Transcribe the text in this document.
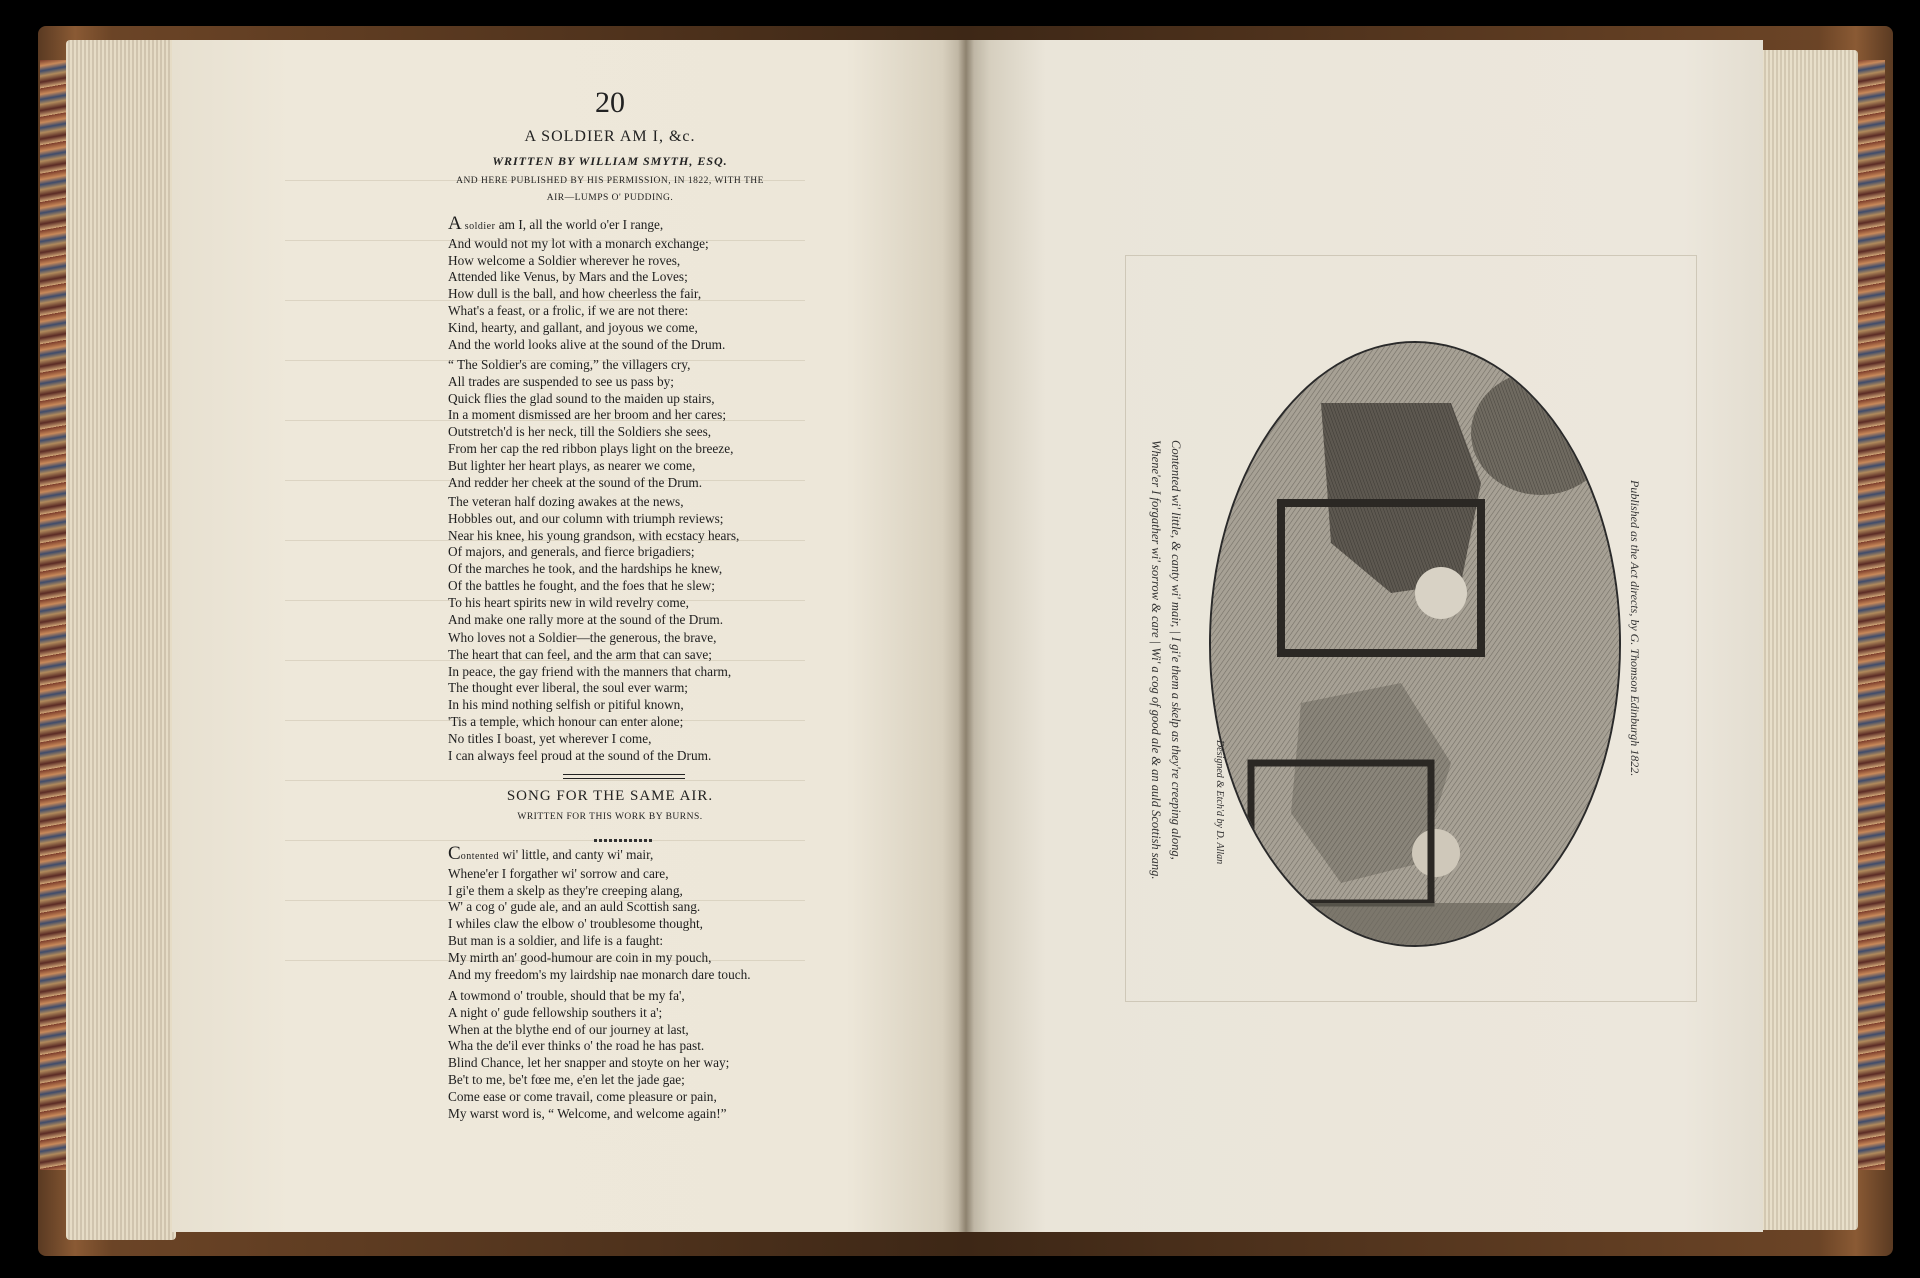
20
A SOLDIER AM I, &c.
WRITTEN BY WILLIAM SMYTH, ESQ.
AND HERE PUBLISHED BY HIS PERMISSION, IN 1822, WITH THE
AIR—LUMPS O' PUDDING.
A soldier am I, all the world o'er I range,
And would not my lot with a monarch exchange;
How welcome a Soldier wherever he roves,
Attended like Venus, by Mars and the Loves;
How dull is the ball, and how cheerless the fair,
What's a feast, or a frolic, if we are not there:
Kind, hearty, and gallant, and joyous we come,
And the world looks alive at the sound of the Drum.
“ The Soldier's are coming,” the villagers cry,
All trades are suspended to see us pass by;
Quick flies the glad sound to the maiden up stairs,
In a moment dismissed are her broom and her cares;
Outstretch'd is her neck, till the Soldiers she sees,
From her cap the red ribbon plays light on the breeze,
But lighter her heart plays, as nearer we come,
And redder her cheek at the sound of the Drum.
The veteran half dozing awakes at the news,
Hobbles out, and our column with triumph reviews;
Near his knee, his young grandson, with ecstacy hears,
Of majors, and generals, and fierce brigadiers;
Of the marches he took, and the hardships he knew,
Of the battles he fought, and the foes that he slew;
To his heart spirits new in wild revelry come,
And make one rally more at the sound of the Drum.
Who loves not a Soldier—the generous, the brave,
The heart that can feel, and the arm that can save;
In peace, the gay friend with the manners that charm,
The thought ever liberal, the soul ever warm;
In his mind nothing selfish or pitiful known,
'Tis a temple, which honour can enter alone;
No titles I boast, yet wherever I come,
I can always feel proud at the sound of the Drum.
SONG FOR THE SAME AIR.
WRITTEN FOR THIS WORK BY BURNS.
Contented wi' little, and canty wi' mair,
Whene'er I forgather wi' sorrow and care,
I gi'e them a skelp as they're creeping alang,
W' a cog o' gude ale, and an auld Scottish sang.
I whiles claw the elbow o' troublesome thought,
But man is a soldier, and life is a faught:
My mirth an' good-humour are coin in my pouch,
And my freedom's my lairdship nae monarch dare touch.
A towmond o' trouble, should that be my fa',
A night o' gude fellowship southers it a';
When at the blythe end of our journey at last,
Wha the de'il ever thinks o' the road he has past.
Blind Chance, let her snapper and stoyte on her way;
Be't to me, be't fœe me, e'en let the jade gae;
Come ease or come travail, come pleasure or pain,
My warst word is, “ Welcome, and welcome again!”
Published as the Act directs, by G. Thomson Edinburgh 1822.
Designed & Etch'd by D. Allan
Contented wi' little, & canty wi' mair, | I gi'e them a skelp as they're creeping along,
Whene'er I forgather wi' sorrow & care | Wi' a cog of good ale & an auld Scottish sang.
